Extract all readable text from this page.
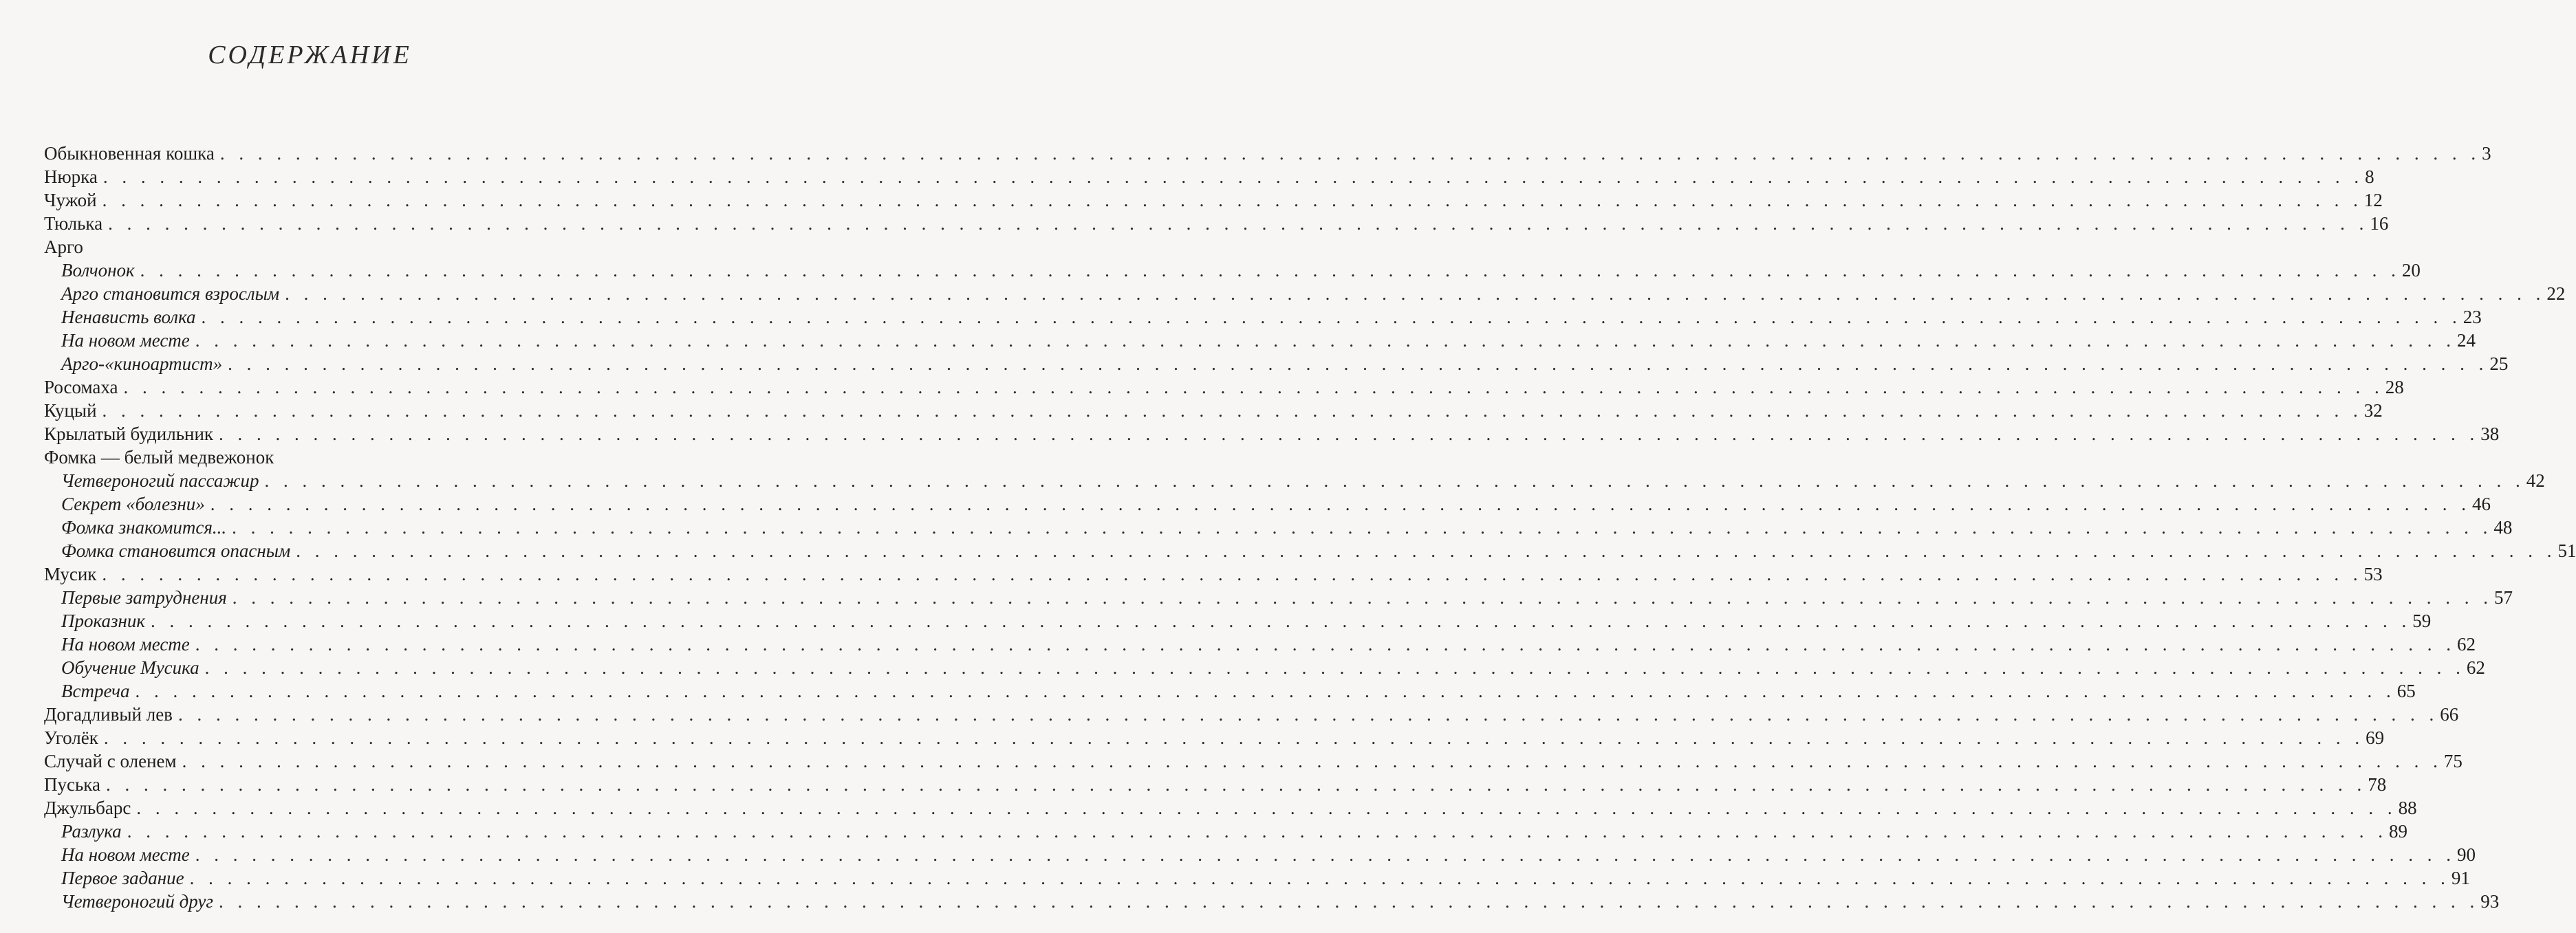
СОДЕРЖАНИЕ
Обыкновенная кошка . . . . . . . . . . . . . . . . . . . . . . . . . . . . . . . . . . . . . . . . . . . . . . . . . . . . . . . . . . . . . . . . . . . . . . . . . . . . . . . . . . . . . . . . . . . . . . . . . . . . . . . . . . . . . . . . . . . . . . . . 3
Нюрка . . . . . . . . . . . . . . . . . . . . . . . . . . . . . . . . . . . . . . . . . . . . . . . . . . . . . . . . . . . . . . . . . . . . . . . . . . . . . . . . . . . . . . . . . . . . . . . . . . . . . . . . . . . . . . . . . . . . . . . . 8
Чужой . . . . . . . . . . . . . . . . . . . . . . . . . . . . . . . . . . . . . . . . . . . . . . . . . . . . . . . . . . . . . . . . . . . . . . . . . . . . . . . . . . . . . . . . . . . . . . . . . . . . . . . . . . . . . . . . . . . . . . . . 12
Тюлька . . . . . . . . . . . . . . . . . . . . . . . . . . . . . . . . . . . . . . . . . . . . . . . . . . . . . . . . . . . . . . . . . . . . . . . . . . . . . . . . . . . . . . . . . . . . . . . . . . . . . . . . . . . . . . . . . . . . . . . . 16
Арго
Волчонок . . . . . . . . . . . . . . . . . . . . . . . . . . . . . . . . . . . . . . . . . . . . . . . . . . . . . . . . . . . . . . . . . . . . . . . . . . . . . . . . . . . . . . . . . . . . . . . . . . . . . . . . . . . . . . . . . . . . . . . . 20
Арго становится взрослым . . . . . . . . . . . . . . . . . . . . . . . . . . . . . . . . . . . . . . . . . . . . . . . . . . . . . . . . . . . . . . . . . . . . . . . . . . . . . . . . . . . . . . . . . . . . . . . . . . . . . . . . . . . . . . . . . . . . . . . . 22
Ненависть волка . . . . . . . . . . . . . . . . . . . . . . . . . . . . . . . . . . . . . . . . . . . . . . . . . . . . . . . . . . . . . . . . . . . . . . . . . . . . . . . . . . . . . . . . . . . . . . . . . . . . . . . . . . . . . . . . . . . . . . . . 23
На новом месте . . . . . . . . . . . . . . . . . . . . . . . . . . . . . . . . . . . . . . . . . . . . . . . . . . . . . . . . . . . . . . . . . . . . . . . . . . . . . . . . . . . . . . . . . . . . . . . . . . . . . . . . . . . . . . . . . . . . . . . . 24
Арго-«киноартист» . . . . . . . . . . . . . . . . . . . . . . . . . . . . . . . . . . . . . . . . . . . . . . . . . . . . . . . . . . . . . . . . . . . . . . . . . . . . . . . . . . . . . . . . . . . . . . . . . . . . . . . . . . . . . . . . . . . . . . . . 25
Росомаха . . . . . . . . . . . . . . . . . . . . . . . . . . . . . . . . . . . . . . . . . . . . . . . . . . . . . . . . . . . . . . . . . . . . . . . . . . . . . . . . . . . . . . . . . . . . . . . . . . . . . . . . . . . . . . . . . . . . . . . . 28
Куцый . . . . . . . . . . . . . . . . . . . . . . . . . . . . . . . . . . . . . . . . . . . . . . . . . . . . . . . . . . . . . . . . . . . . . . . . . . . . . . . . . . . . . . . . . . . . . . . . . . . . . . . . . . . . . . . . . . . . . . . . 32
Крылатый будильник . . . . . . . . . . . . . . . . . . . . . . . . . . . . . . . . . . . . . . . . . . . . . . . . . . . . . . . . . . . . . . . . . . . . . . . . . . . . . . . . . . . . . . . . . . . . . . . . . . . . . . . . . . . . . . . . . . . . . . . . 38
Фомка — белый медвежонок
Четвероногий пассажир . . . . . . . . . . . . . . . . . . . . . . . . . . . . . . . . . . . . . . . . . . . . . . . . . . . . . . . . . . . . . . . . . . . . . . . . . . . . . . . . . . . . . . . . . . . . . . . . . . . . . . . . . . . . . . . . . . . . . . . . 42
Секрет «болезни» . . . . . . . . . . . . . . . . . . . . . . . . . . . . . . . . . . . . . . . . . . . . . . . . . . . . . . . . . . . . . . . . . . . . . . . . . . . . . . . . . . . . . . . . . . . . . . . . . . . . . . . . . . . . . . . . . . . . . . . . 46
Фомка знакомится... . . . . . . . . . . . . . . . . . . . . . . . . . . . . . . . . . . . . . . . . . . . . . . . . . . . . . . . . . . . . . . . . . . . . . . . . . . . . . . . . . . . . . . . . . . . . . . . . . . . . . . . . . . . . . . . . . . . . . . . . 48
Фомка становится опасным . . . . . . . . . . . . . . . . . . . . . . . . . . . . . . . . . . . . . . . . . . . . . . . . . . . . . . . . . . . . . . . . . . . . . . . . . . . . . . . . . . . . . . . . . . . . . . . . . . . . . . . . . . . . . . . . . . . . . . . . 51
Мусик . . . . . . . . . . . . . . . . . . . . . . . . . . . . . . . . . . . . . . . . . . . . . . . . . . . . . . . . . . . . . . . . . . . . . . . . . . . . . . . . . . . . . . . . . . . . . . . . . . . . . . . . . . . . . . . . . . . . . . . . 53
Первые затруднения . . . . . . . . . . . . . . . . . . . . . . . . . . . . . . . . . . . . . . . . . . . . . . . . . . . . . . . . . . . . . . . . . . . . . . . . . . . . . . . . . . . . . . . . . . . . . . . . . . . . . . . . . . . . . . . . . . . . . . . . 57
Проказник . . . . . . . . . . . . . . . . . . . . . . . . . . . . . . . . . . . . . . . . . . . . . . . . . . . . . . . . . . . . . . . . . . . . . . . . . . . . . . . . . . . . . . . . . . . . . . . . . . . . . . . . . . . . . . . . . . . . . . . . 59
На новом месте . . . . . . . . . . . . . . . . . . . . . . . . . . . . . . . . . . . . . . . . . . . . . . . . . . . . . . . . . . . . . . . . . . . . . . . . . . . . . . . . . . . . . . . . . . . . . . . . . . . . . . . . . . . . . . . . . . . . . . . . 62
Обучение Мусика . . . . . . . . . . . . . . . . . . . . . . . . . . . . . . . . . . . . . . . . . . . . . . . . . . . . . . . . . . . . . . . . . . . . . . . . . . . . . . . . . . . . . . . . . . . . . . . . . . . . . . . . . . . . . . . . . . . . . . . . 62
Встреча . . . . . . . . . . . . . . . . . . . . . . . . . . . . . . . . . . . . . . . . . . . . . . . . . . . . . . . . . . . . . . . . . . . . . . . . . . . . . . . . . . . . . . . . . . . . . . . . . . . . . . . . . . . . . . . . . . . . . . . . 65
Догадливый лев . . . . . . . . . . . . . . . . . . . . . . . . . . . . . . . . . . . . . . . . . . . . . . . . . . . . . . . . . . . . . . . . . . . . . . . . . . . . . . . . . . . . . . . . . . . . . . . . . . . . . . . . . . . . . . . . . . . . . . . . 66
Уголёк . . . . . . . . . . . . . . . . . . . . . . . . . . . . . . . . . . . . . . . . . . . . . . . . . . . . . . . . . . . . . . . . . . . . . . . . . . . . . . . . . . . . . . . . . . . . . . . . . . . . . . . . . . . . . . . . . . . . . . . . 69
Случай с оленем . . . . . . . . . . . . . . . . . . . . . . . . . . . . . . . . . . . . . . . . . . . . . . . . . . . . . . . . . . . . . . . . . . . . . . . . . . . . . . . . . . . . . . . . . . . . . . . . . . . . . . . . . . . . . . . . . . . . . . . . 75
Пуська . . . . . . . . . . . . . . . . . . . . . . . . . . . . . . . . . . . . . . . . . . . . . . . . . . . . . . . . . . . . . . . . . . . . . . . . . . . . . . . . . . . . . . . . . . . . . . . . . . . . . . . . . . . . . . . . . . . . . . . . 78
Джульбарс . . . . . . . . . . . . . . . . . . . . . . . . . . . . . . . . . . . . . . . . . . . . . . . . . . . . . . . . . . . . . . . . . . . . . . . . . . . . . . . . . . . . . . . . . . . . . . . . . . . . . . . . . . . . . . . . . . . . . . . . 88
Разлука . . . . . . . . . . . . . . . . . . . . . . . . . . . . . . . . . . . . . . . . . . . . . . . . . . . . . . . . . . . . . . . . . . . . . . . . . . . . . . . . . . . . . . . . . . . . . . . . . . . . . . . . . . . . . . . . . . . . . . . . 89
На новом месте . . . . . . . . . . . . . . . . . . . . . . . . . . . . . . . . . . . . . . . . . . . . . . . . . . . . . . . . . . . . . . . . . . . . . . . . . . . . . . . . . . . . . . . . . . . . . . . . . . . . . . . . . . . . . . . . . . . . . . . . 90
Первое задание . . . . . . . . . . . . . . . . . . . . . . . . . . . . . . . . . . . . . . . . . . . . . . . . . . . . . . . . . . . . . . . . . . . . . . . . . . . . . . . . . . . . . . . . . . . . . . . . . . . . . . . . . . . . . . . . . . . . . . . . 91
Четвероногий друг . . . . . . . . . . . . . . . . . . . . . . . . . . . . . . . . . . . . . . . . . . . . . . . . . . . . . . . . . . . . . . . . . . . . . . . . . . . . . . . . . . . . . . . . . . . . . . . . . . . . . . . . . . . . . . . . . . . . . . . . 93
